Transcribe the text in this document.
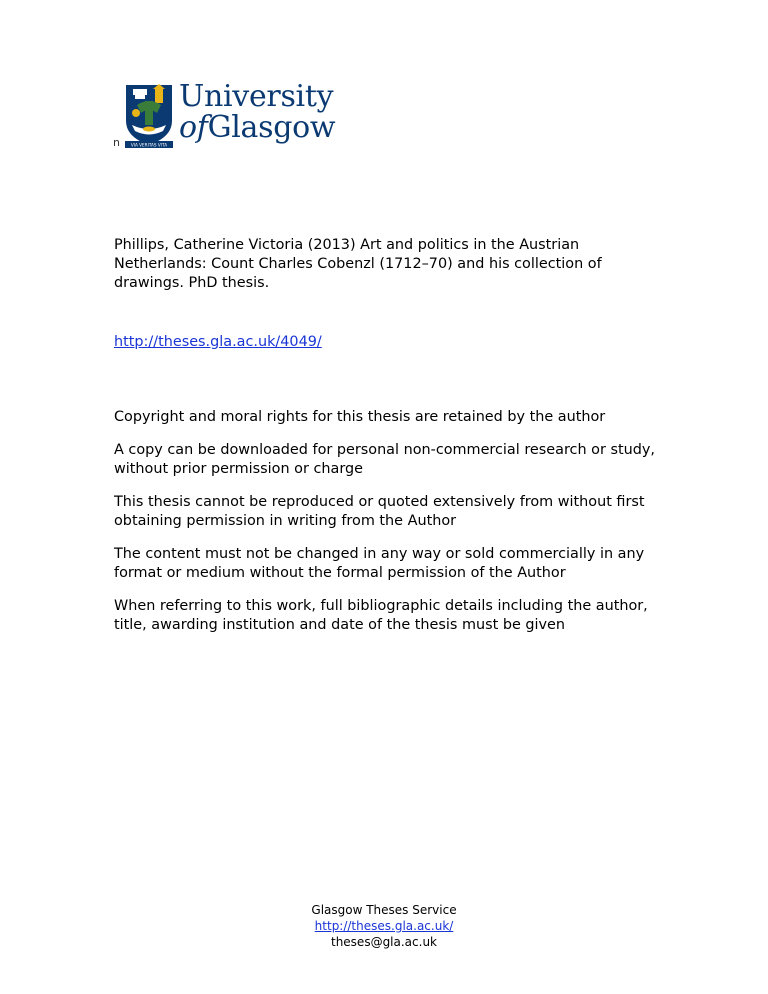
n	VIA VERITAS VITA
University
ofGlasgow
Phillips, Catherine Victoria (2013) Art and politics in the Austrian Netherlands: Count Charles Cobenzl (1712–70) and his collection of drawings. PhD thesis.
http://theses.gla.ac.uk/4049/

Copyright and moral rights for this thesis are retained by the author

A copy can be downloaded for personal non-commercial research or study, without prior permission or charge

This thesis cannot be reproduced or quoted extensively from without first obtaining permission in writing from the Author

The content must not be changed in any way or sold commercially in any format or medium without the formal permission of the Author

When referring to this work, full bibliographic details including the author, title, awarding institution and date of the thesis must be given

Glasgow Theses Service
http://theses.gla.ac.uk/
theses@gla.ac.uk
